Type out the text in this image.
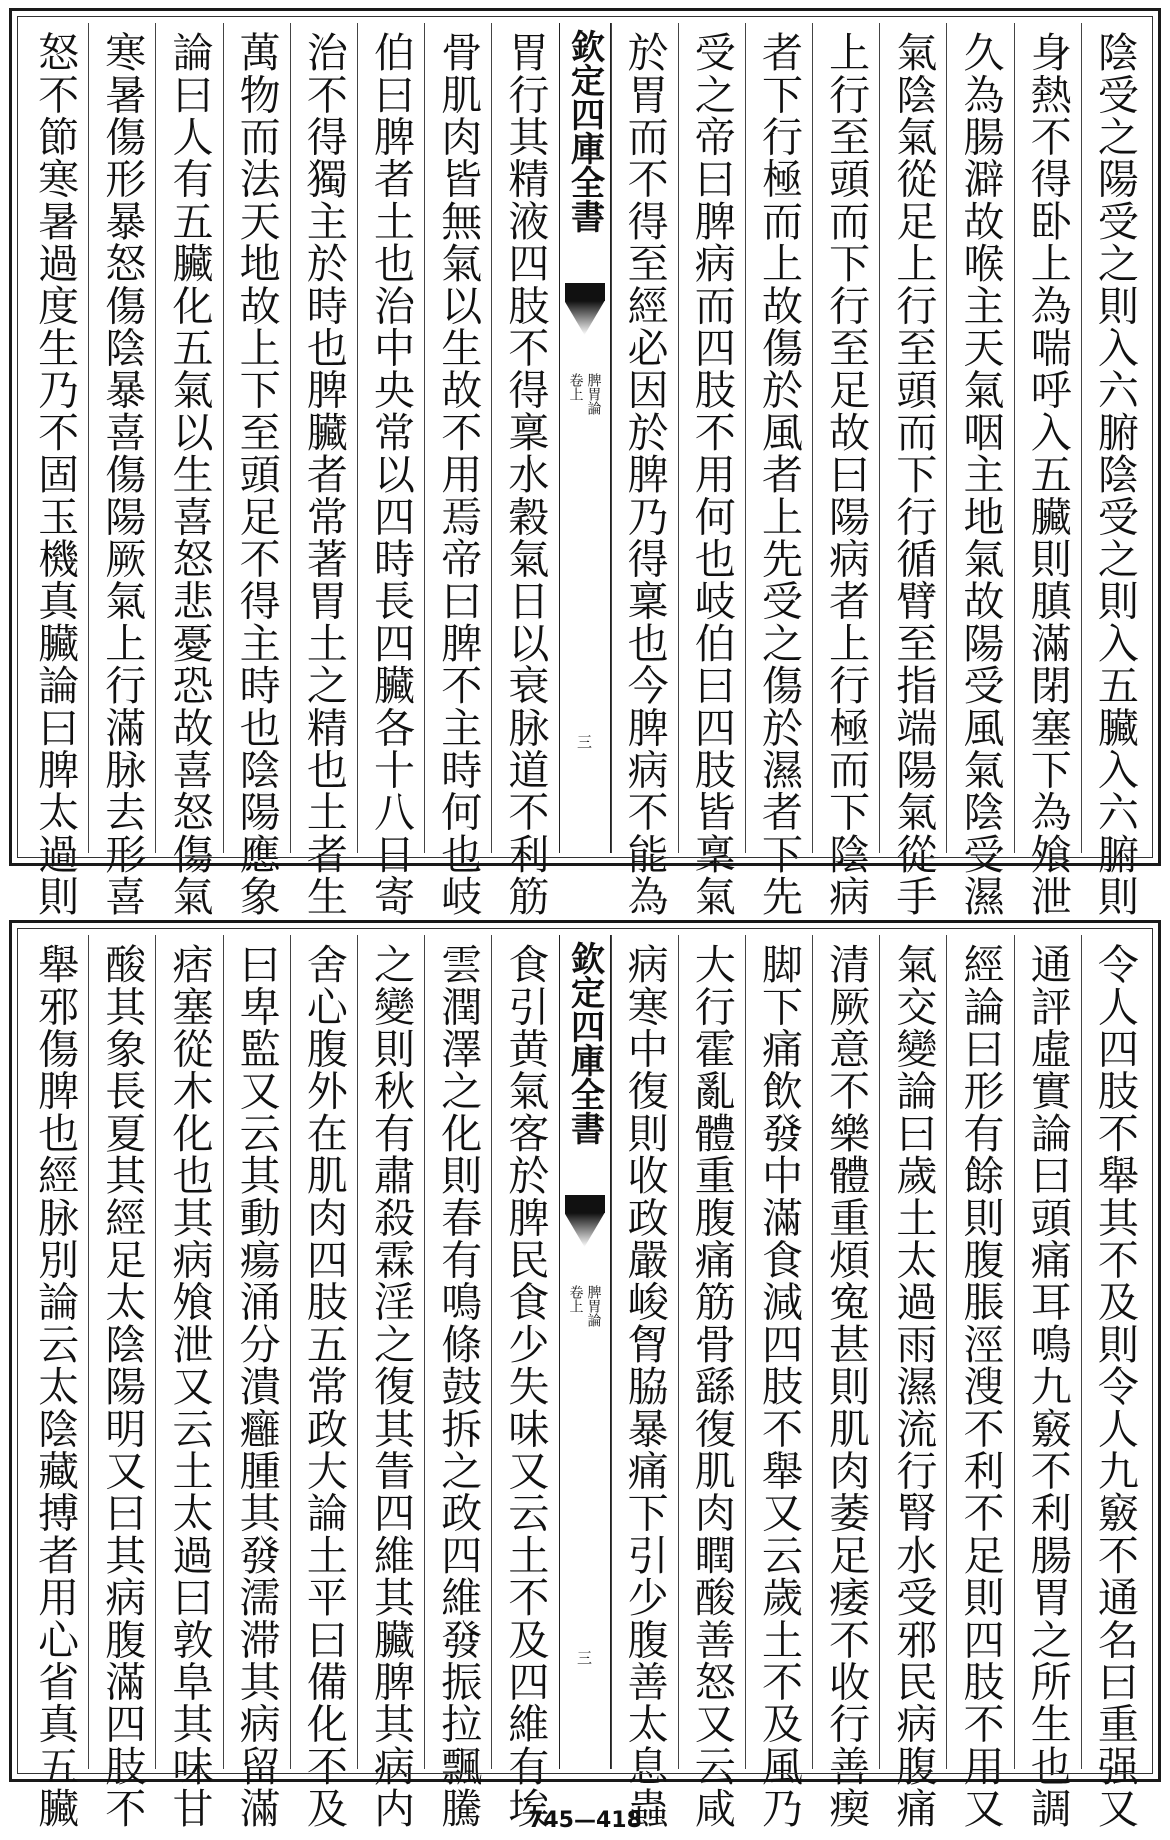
陰受之陽受之則入六腑陰受之則入五臟入六腑則
身熱不得卧上為喘呼入五臟則䐜滿閉塞下為飧泄
久為腸澼故喉主天氣咽主地氣故陽受風氣陰受濕
氣陰氣從足上行至頭而下行循臂至指端陽氣從手
上行至頭而下行至足故曰陽病者上行極而下陰病
者下行極而上故傷於風者上先受之傷於濕者下先
受之帝曰脾病而四肢不用何也岐伯曰四肢皆稟氣
於胃而不得至經必因於脾乃得稟也今脾病不能為
欽定四庫全書
脾胃論
卷上
三
胃行其精液四肢不得稟水穀氣日以衰脉道不利筋
骨肌肉皆無氣以生故不用焉帝曰脾不主時何也岐
伯曰脾者土也治中央常以四時長四臟各十八日寄
治不得獨主於時也脾臟者常著胃土之精也土者生
萬物而法天地故上下至頭足不得主時也陰陽應象
論曰人有五臟化五氣以生喜怒悲憂恐故喜怒傷氣
寒暑傷形暴怒傷陰暴喜傷陽厥氣上行滿脉去形喜
怒不節寒暑過度生乃不固玉機真臟論曰脾太過則
令人四肢不舉其不及則令人九竅不通名曰重强又
通評虛實論曰頭痛耳鳴九竅不利腸胃之所生也調
經論曰形有餘則腹脹涇溲不利不足則四肢不用又
氣交變論曰歲土太過雨濕流行腎水受邪民病腹痛
清厥意不樂體重煩寃甚則肌肉萎足痿不收行善瘈
脚下痛飲發中滿食減四肢不舉又云歲土不及風乃
大行霍亂體重腹痛筋骨繇復肌肉瞤酸善怒又云咸
病寒中復則收政嚴峻胷脇暴痛下引少腹善太息蟲
欽定四庫全書
脾胃論
卷上
三
食引黄氣客於脾民食少失味又云土不及四維有埃
雲潤澤之化則春有鳴條鼓拆之政四維發振拉飄騰
之變則秋有肅殺霖淫之復其眚四維其臟脾其病内
舍心腹外在肌肉四肢五常政大論土平曰備化不及
曰卑監又云其動瘍涌分潰癰腫其發濡滞其病留滿
痞塞從木化也其病飧泄又云土太過曰敦阜其味甘
酸其象長夏其經足太陰陽明又曰其病腹滿四肢不
舉邪傷脾也經脉別論云太陰藏搏者用心省真五臟	745—418
